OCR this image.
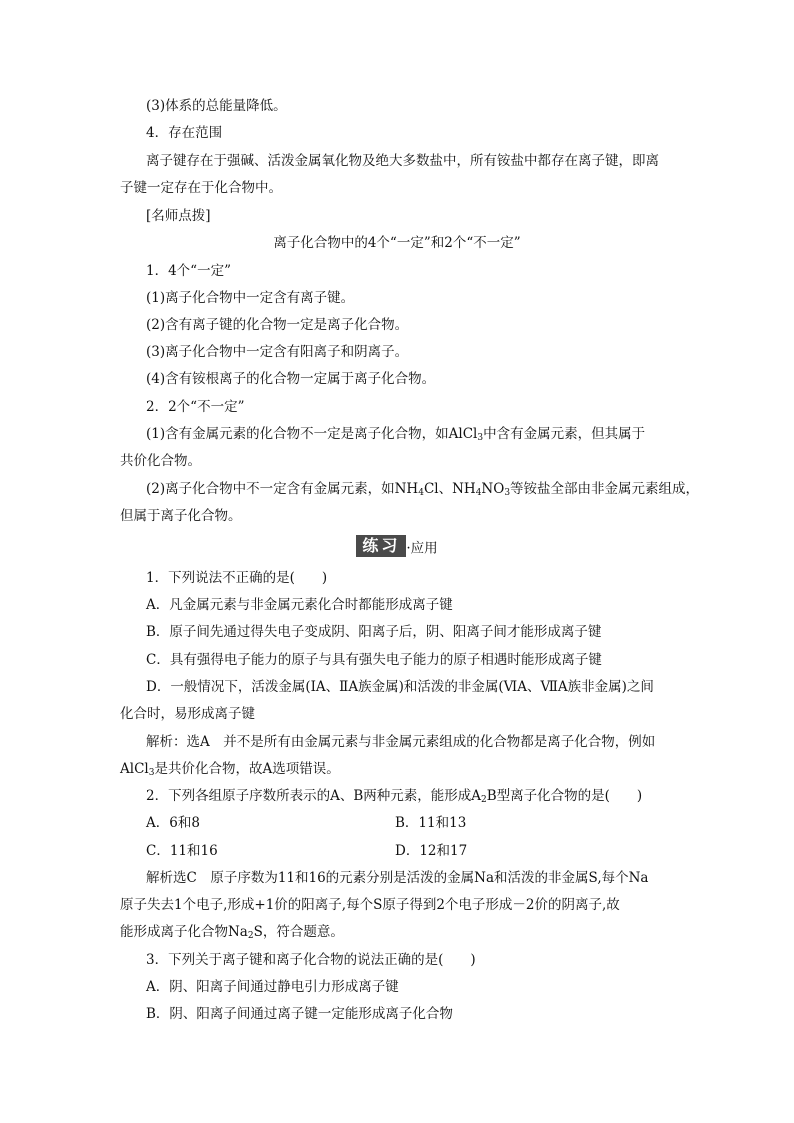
(3)体系的总能量降低。
4．存在范围
离子键存在于强碱、活泼金属氧化物及绝大多数盐中，所有铵盐中都存在离子键，即离
子键一定存在于化合物中。
[名师点拨]
离子化合物中的4个“一定”和2个“不一定”
1．4个“一定”
(1)离子化合物中一定含有离子键。
(2)含有离子键的化合物一定是离子化合物。
(3)离子化合物中一定含有阳离子和阴离子。
(4)含有铵根离子的化合物一定属于离子化合物。
2．2个“不一定”
(1)含有金属元素的化合物不一定是离子化合物，如AlCl$_3$中含有金属元素，但其属于
共价化合物。
(2)离子化合物中不一定含有金属元素，如$NH_4Cl$、$NH_4NO_3$等铵盐全部由非金属元素组成，
但属于离子化合物。
练习 ·应用
1．下列说法不正确的是(　　)
A．凡金属元素与非金属元素化合时都能形成离子键
B．原子间先通过得失电子变成阴、阳离子后，阴、阳离子间才能形成离子键
C．具有强得电子能力的原子与具有强失电子能力的原子相遇时能形成离子键
D．一般情况下，活泼金属(ⅠA、ⅡA族金属)和活泼的非金属(ⅥA、ⅦA族非金属)之间
化合时，易形成离子键
解析：选A　并不是所有由金属元素与非金属元素组成的化合物都是离子化合物，例如
AlCl$_3$是共价化合物，故A选项错误。
2．下列各组原子序数所表示的A、B两种元素，能形成$A_2B$型离子化合物的是(　　)
A．6和8	B．11和13
C．11和16	D．12和17
解析选C　原子序数为11和16的元素分别是活泼的金属Na和活泼的非金属S,每个Na
原子失去1个电子,形成+1价的阳离子,每个S原子得到2个电子形成－2价的阴离子,故
能形成离子化合物$Na_2S$，符合题意。
3．下列关于离子键和离子化合物的说法正确的是(　　)
A．阴、阳离子间通过静电引力形成离子键
B．阴、阳离子间通过离子键一定能形成离子化合物
